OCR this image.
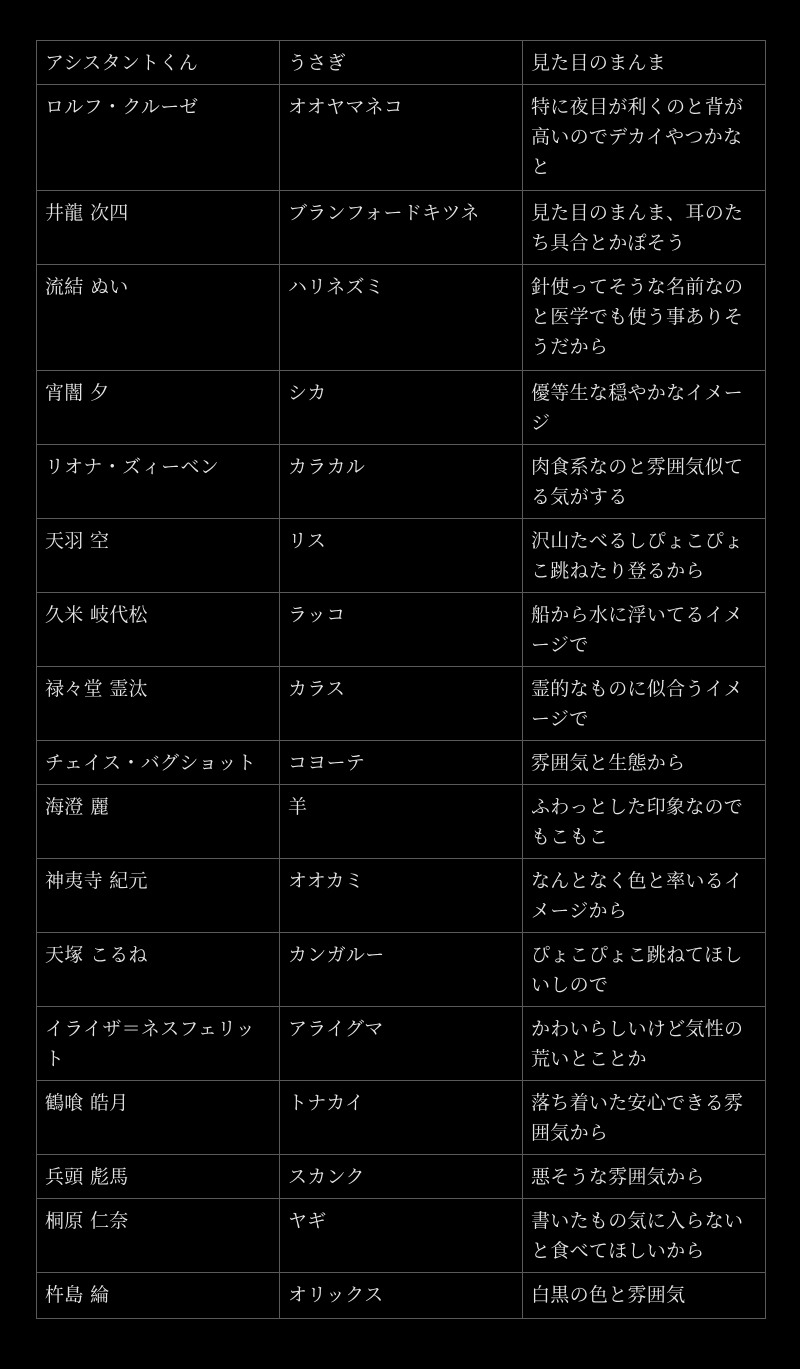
アシスタントくん	うさぎ	見た目のまんま
ロルフ・クルーゼ	オオヤマネコ	特に夜目が利くのと背が高いのでデカイやつかなと
井龍 次四	ブランフォードキツネ	見た目のまんま、耳のたち具合とかぽそう
流結 ぬい	ハリネズミ	針使ってそうな名前なのと医学でも使う事ありそうだから
宵闇 夕	シカ	優等生な穏やかなイメージ
リオナ・ズィーベン	カラカル	肉食系なのと雰囲気似てる気がする
天羽 空	リス	沢山たべるしぴょこぴょこ跳ねたり登るから
久米 岐代松	ラッコ	船から水に浮いてるイメージで
禄々堂 霊汰	カラス	霊的なものに似合うイメージで
チェイス・バグショット	コヨーテ	雰囲気と生態から
海澄 麗	羊	ふわっとした印象なのでもこもこ
神夷寺 紀元	オオカミ	なんとなく色と率いるイメージから
天塚 こるね	カンガルー	ぴょこぴょこ跳ねてほしいしので
イライザ＝ネスフェリット	アライグマ	かわいらしいけど気性の荒いとことか
鶴喰 皓月	トナカイ	落ち着いた安心できる雰囲気から
兵頭 彪馬	スカンク	悪そうな雰囲気から
桐原 仁奈	ヤギ	書いたもの気に入らないと食べてほしいから
杵島 綸	オリックス	白黒の色と雰囲気
